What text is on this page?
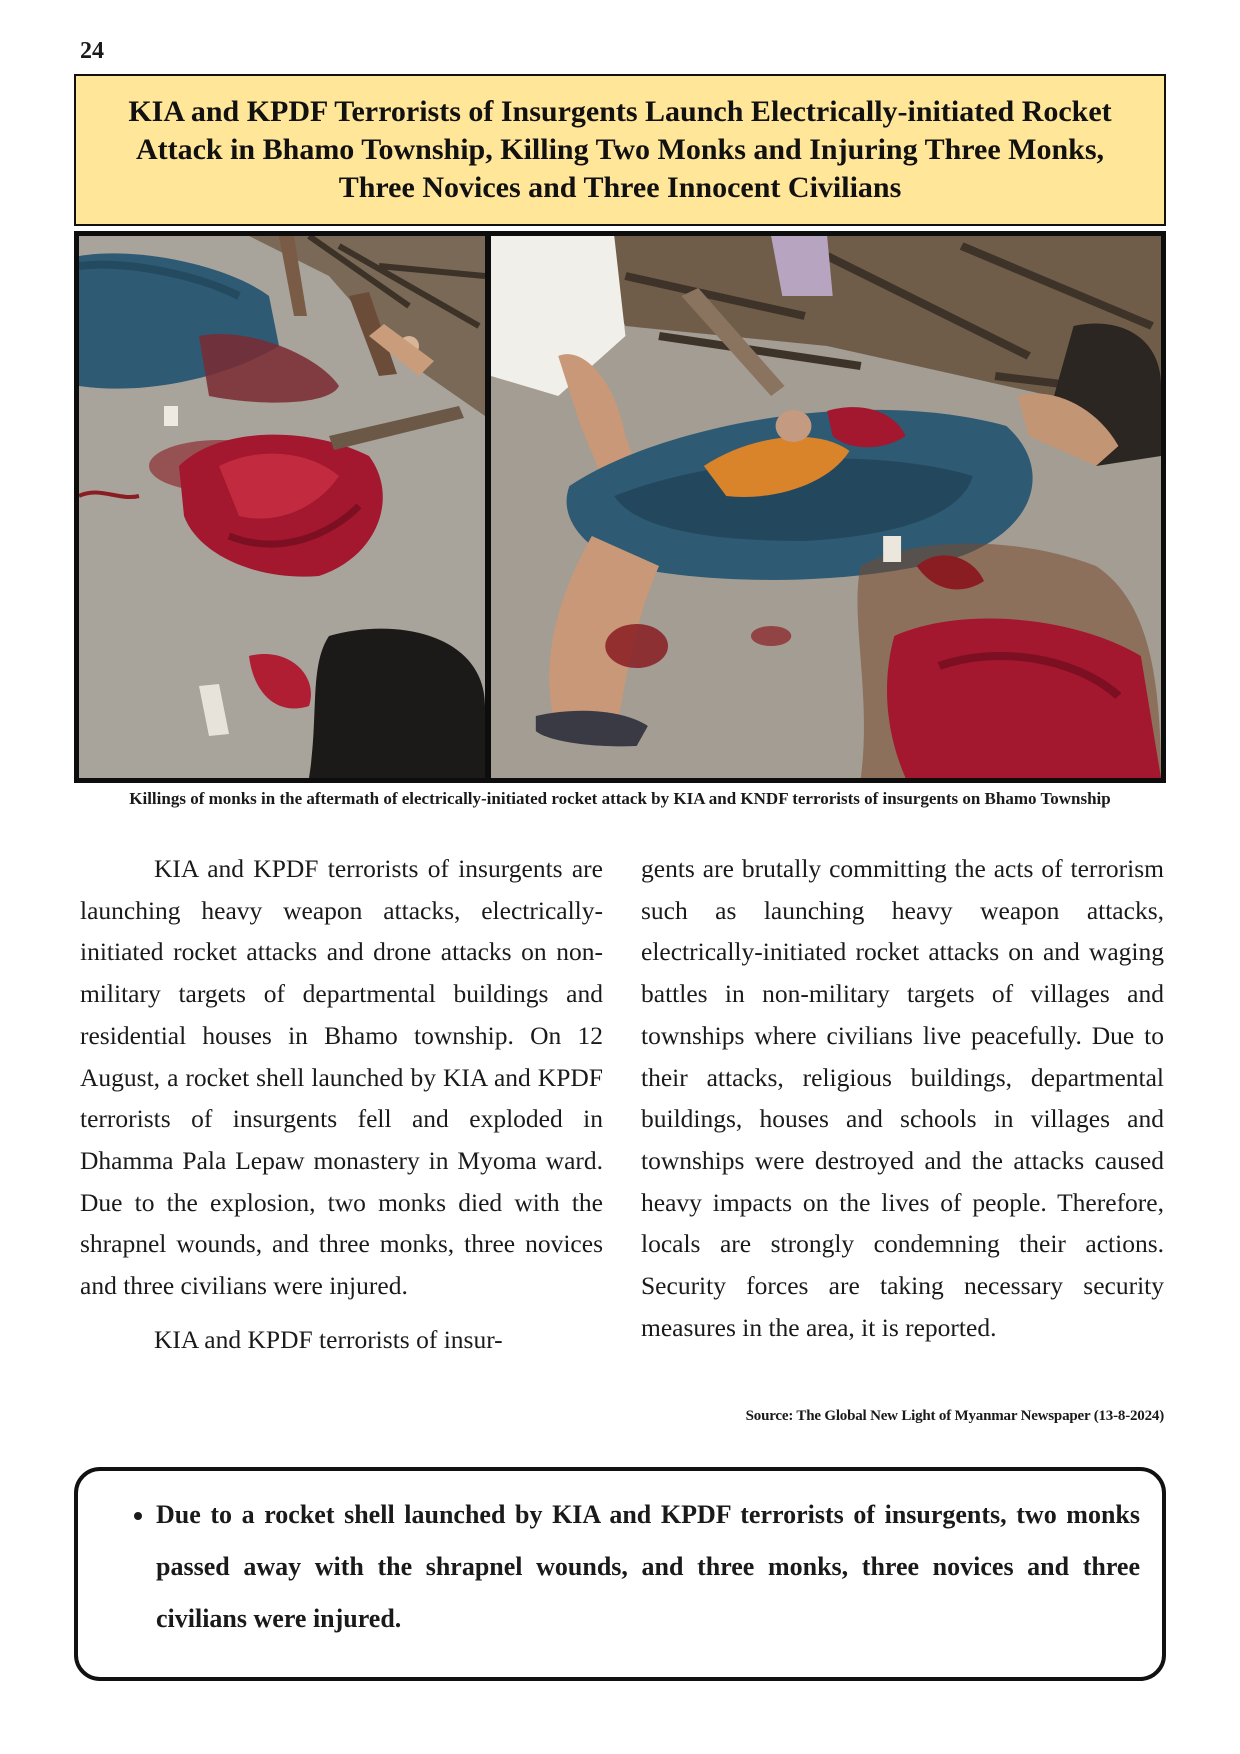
24
KIA and KPDF Terrorists of Insurgents Launch Electrically-initiated Rocket Attack in Bhamo Township, Killing Two Monks and Injuring Three Monks, Three Novices and Three Innocent Civilians
Killings of monks in the aftermath of electrically-initiated rocket attack by KIA and KNDF terrorists of insurgents on Bhamo Township

KIA and KPDF terrorists of insurgents are launching heavy weapon attacks, electrically-initiated rocket attacks and drone attacks on non-military targets of departmental buildings and residential houses in Bhamo township. On 12 August, a rocket shell launched by KIA and KPDF terrorists of insurgents fell and exploded in Dhamma Pala Lepaw monastery in Myoma ward. Due to the explosion, two monks died with the shrapnel wounds, and three monks, three novices and three civilians were injured.

KIA and KPDF terrorists of insur-

gents are brutally committing the acts of terrorism such as launching heavy weapon attacks, electrically-initiated rocket attacks on and waging battles in non-military targets of villages and townships where civilians live peacefully. Due to their attacks, religious buildings, departmental buildings, houses and schools in villages and townships were destroyed and the attacks caused heavy impacts on the lives of people. Therefore, locals are strongly condemning their actions. Security forces are taking necessary security measures in the area, it is reported.

Source: The Global New Light of Myanmar Newspaper (13-8-2024)
• Due to a rocket shell launched by KIA and KPDF terrorists of insurgents, two monks passed away with the shrapnel wounds, and three monks, three novices and three civilians were injured.
